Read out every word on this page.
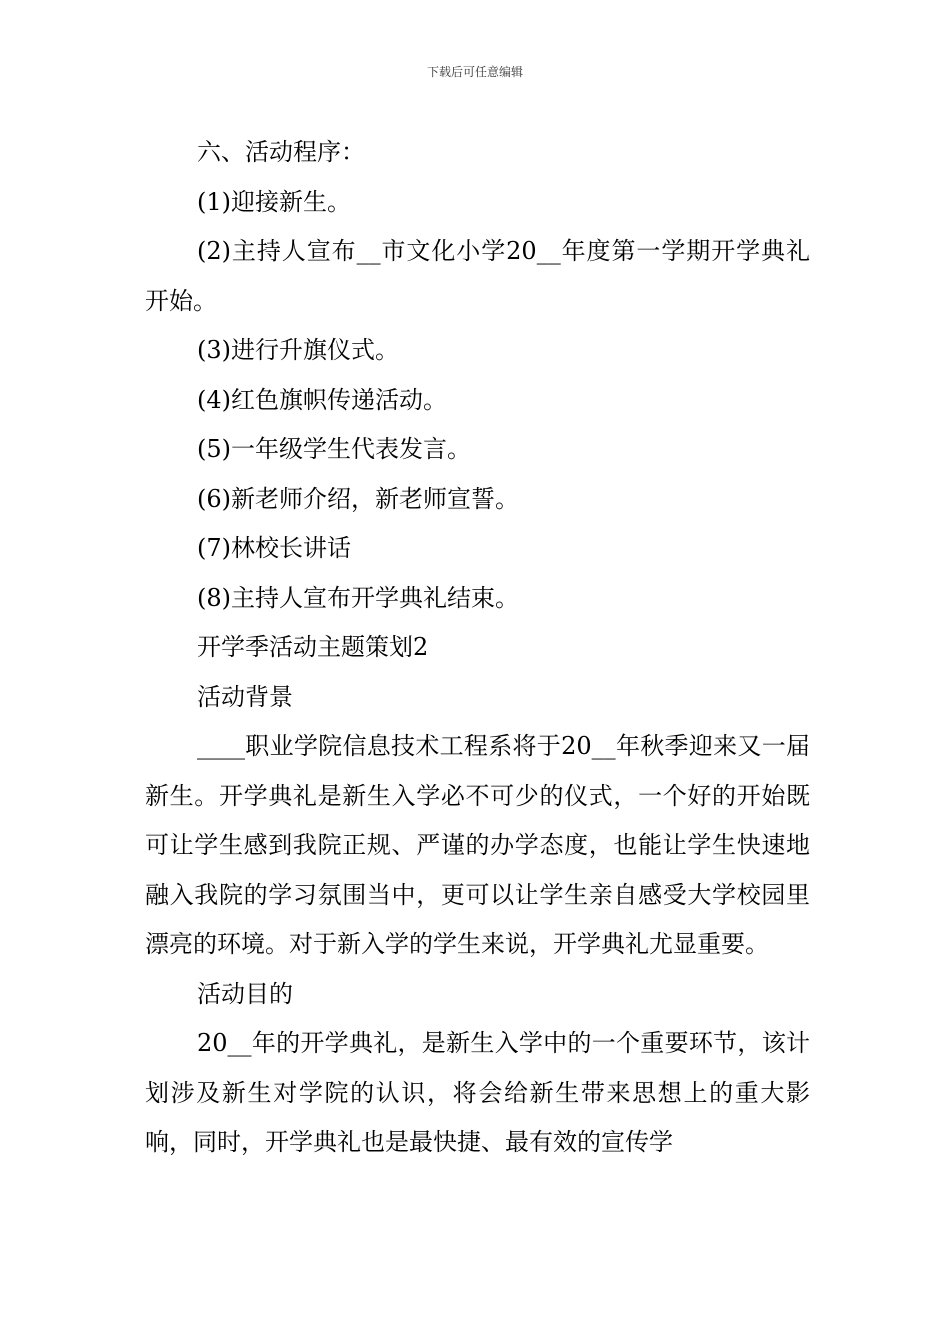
下载后可任意编辑

六、活动程序：

(1)迎接新生。

(2)主持人宣布__市文化小学20__年度第一学期开学典礼开始。

(3)进行升旗仪式。

(4)红色旗帜传递活动。

(5)一年级学生代表发言。

(6)新老师介绍，新老师宣誓。

(7)林校长讲话

(8)主持人宣布开学典礼结束。

开学季活动主题策划2

活动背景

____职业学院信息技术工程系将于20__年秋季迎来又一届新生。开学典礼是新生入学必不可少的仪式，一个好的开始既可让学生感到我院正规、严谨的办学态度，也能让学生快速地融入我院的学习氛围当中，更可以让学生亲自感受大学校园里漂亮的环境。对于新入学的学生来说，开学典礼尤显重要。

活动目的

20__年的开学典礼，是新生入学中的一个重要环节，该计划涉及新生对学院的认识，将会给新生带来思想上的重大影响，同时，开学典礼也是最快捷、最有效的宣传学
